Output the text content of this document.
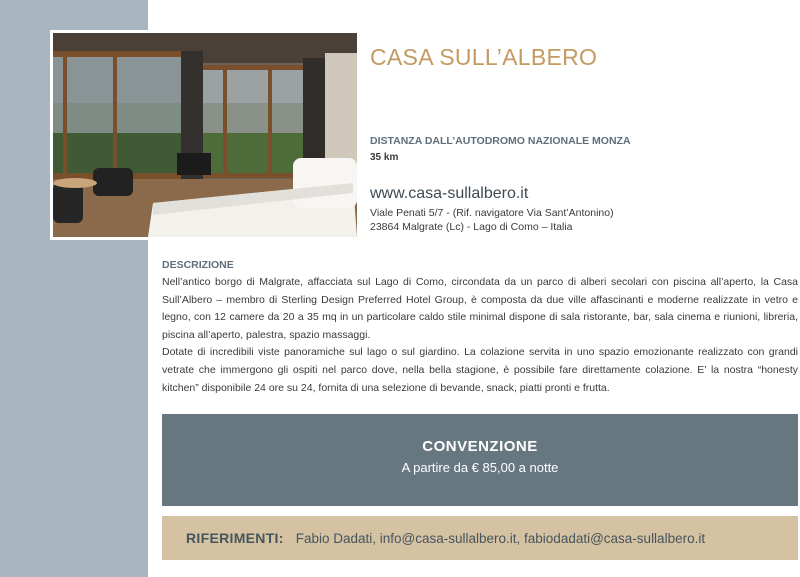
CASA SULL’ALBERO
DISTANZA DALL’AUTODROMO NAZIONALE MONZA
35 km
www.casa-sullalbero.it
Viale Penati 5/7 - (Rif. navigatore Via Sant’Antonino)
23864 Malgrate (Lc) - Lago di Como – Italia
DESCRIZIONE

Nell’antico borgo di Malgrate, affacciata sul Lago di Como, circondata da un parco di alberi secolari con piscina all’aperto, la Casa Sull’Albero – membro di Sterling Design Preferred Hotel Group, è composta da due ville affascinanti e moderne realizzate in vetro e legno, con 12 camere da 20 a 35 mq in un particolare caldo stile minimal dispone di sala ristorante, bar, sala cinema e riunioni, libreria, piscina all’aperto, palestra, spazio massaggi.

Dotate di incredibili viste panoramiche sul lago o sul giardino. La colazione servita in uno spazio emozionante realizzato con grandi vetrate che immergono gli ospiti nel parco dove, nella bella stagione, è possibile fare direttamente colazione. E’ la nostra “honesty kitchen” disponibile 24 ore su 24, fornita di una selezione di bevande, snack, piatti pronti e frutta.

CONVENZIONE
A partire da € 85,00 a notte
RIFERIMENTI: Fabio Dadati, info@casa-sullalbero.it, fabiodadati@casa-sullalbero.it
